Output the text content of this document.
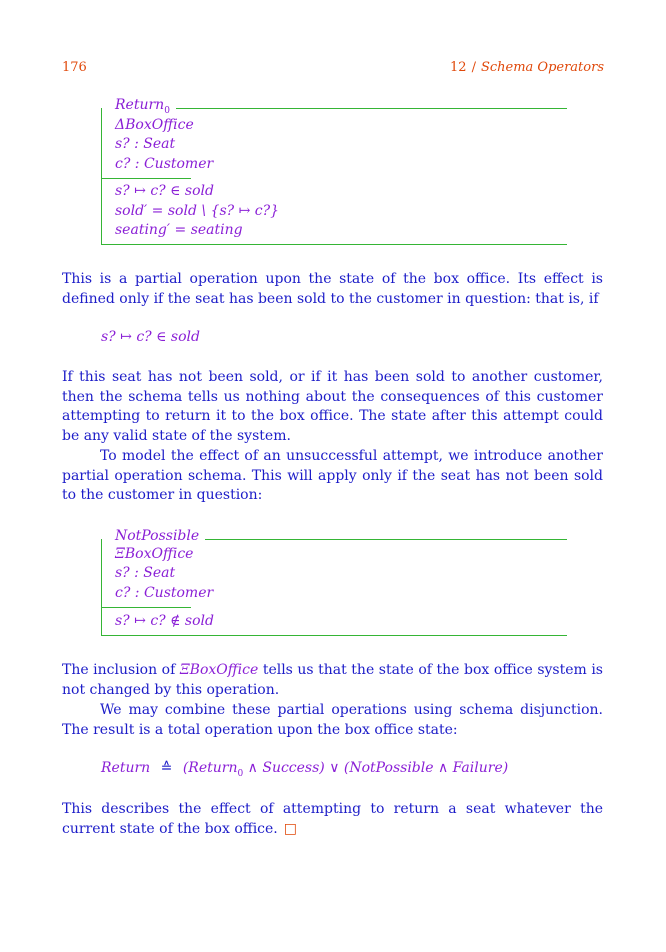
176	12 / Schema Operators
Return$_0$
ΔBoxOffice
s? : Seat
c? : Customer
s? ↦ c? ∈ sold
sold′ = sold \ {s? ↦ c?}
seating′ = seating
This is a partial operation upon the state of the box office. Its effect is defined only if the seat has been sold to the customer in question: that is, if
s? ↦ c? ∈ sold
If this seat has not been sold, or if it has been sold to another customer, then the schema tells us nothing about the consequences of this customer attempting to return it to the box office. The state after this attempt could be any valid state of the system.
To model the effect of an unsuccessful attempt, we introduce another partial operation schema. This will apply only if the seat has not been sold to the customer in question:
NotPossible
ΞBoxOffice
s? : Seat
c? : Customer
s? ↦ c? ∉ sold
The inclusion of ΞBoxOffice tells us that the state of the box office system is not changed by this operation.
We may combine these partial operations using schema disjunction. The result is a total operation upon the box office state:
Return ≙ (Return$_0$ ∧ Success) ∨ (NotPossible ∧ Failure)
This describes the effect of attempting to return a seat whatever the current state of the box office. □
